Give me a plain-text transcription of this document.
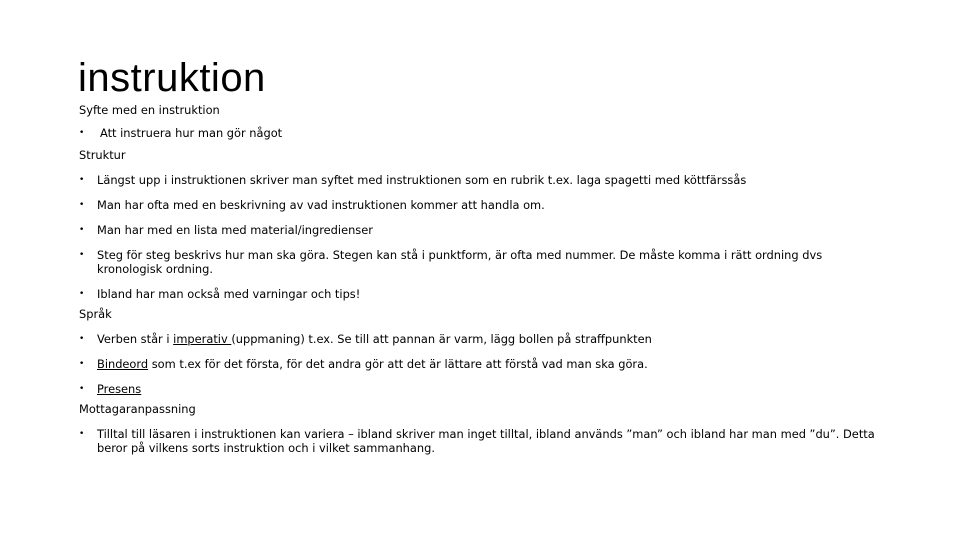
instruktion
Syfte med en instruktion
• Att instruera hur man gör något
Struktur
• Längst upp i instruktionen skriver man syftet med instruktionen som en rubrik t.ex. laga spagetti med köttfärssås
• Man har ofta med en beskrivning av vad instruktionen kommer att handla om.
• Man har med en lista med material/ingredienser
• Steg för steg beskrivs hur man ska göra. Stegen kan stå i punktform, är ofta med nummer. De måste komma i rätt ordning dvs kronologisk ordning.
• Ibland har man också med varningar och tips!
Språk
• Verben står i imperativ (uppmaning) t.ex. Se till att pannan är varm, lägg bollen på straffpunkten
• Bindeord som t.ex för det första, för det andra gör att det är lättare att förstå vad man ska göra.
• Presens
Mottagaranpassning
• Tilltal till läsaren i instruktionen kan variera – ibland skriver man inget tilltal, ibland används ”man” och ibland har man med ”du”. Detta beror på vilkens sorts instruktion och i vilket sammanhang.
